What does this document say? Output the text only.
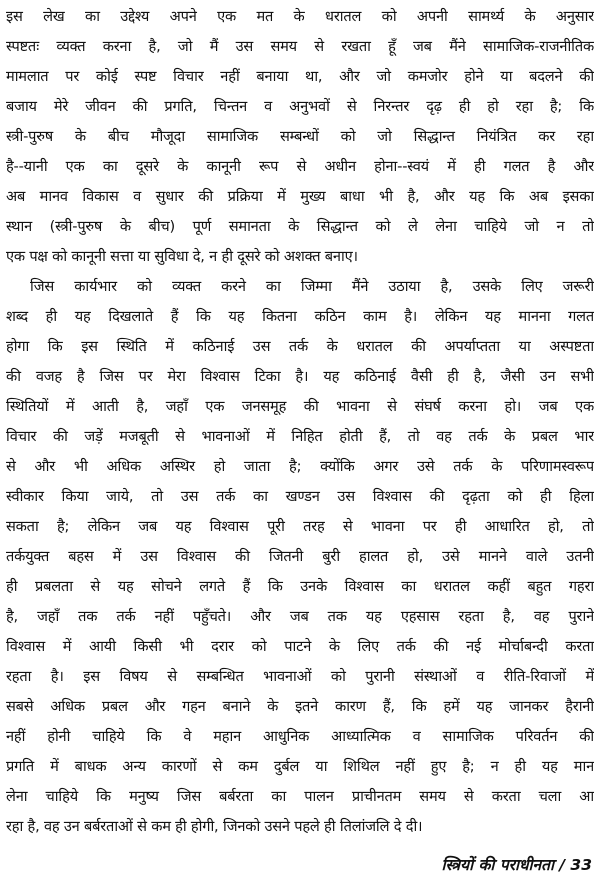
इस लेख का उद्देश्य अपने एक मत के धरातल को अपनी सामर्थ्य के अनुसार
स्पष्टतः व्यक्त करना है, जो मैं उस समय से रखता हूँ जब मैंने सामाजिक-राजनीतिक
मामलात पर कोई स्पष्ट विचार नहीं बनाया था, और जो कमजोर होने या बदलने की
बजाय मेरे जीवन की प्रगति, चिन्तन व अनुभवों से निरन्तर दृढ़ ही हो रहा है; कि
स्त्री-पुरुष के बीच मौजूदा सामाजिक सम्बन्धों को जो सिद्धान्त नियंत्रित कर रहा
है--यानी एक का दूसरे के कानूनी रूप से अधीन होना--स्वयं में ही गलत है और
अब मानव विकास व सुधार की प्रक्रिया में मुख्य बाधा भी है, और यह कि अब इसका
स्थान (स्त्री-पुरुष के बीच) पूर्ण समानता के सिद्धान्त को ले लेना चाहिये जो न तो
एक पक्ष को कानूनी सत्ता या सुविधा दे, न ही दूसरे को अशक्त बनाए।
जिस कार्यभार को व्यक्त करने का जिम्मा मैंने उठाया है, उसके लिए जरूरी
शब्द ही यह दिखलाते हैं कि यह कितना कठिन काम है। लेकिन यह मानना गलत
होगा कि इस स्थिति में कठिनाई उस तर्क के धरातल की अपर्याप्तता या अस्पष्टता
की वजह है जिस पर मेरा विश्वास टिका है। यह कठिनाई वैसी ही है, जैसी उन सभी
स्थितियों में आती है, जहाँ एक जनसमूह की भावना से संघर्ष करना हो। जब एक
विचार की जड़ें मजबूती से भावनाओं में निहित होती हैं, तो वह तर्क के प्रबल भार
से और भी अधिक अस्थिर हो जाता है; क्योंकि अगर उसे तर्क के परिणामस्वरूप
स्वीकार किया जाये, तो उस तर्क का खण्डन उस विश्वास की दृढ़ता को ही हिला
सकता है; लेकिन जब यह विश्वास पूरी तरह से भावना पर ही आधारित हो, तो
तर्कयुक्त बहस में उस विश्वास की जितनी बुरी हालत हो, उसे मानने वाले उतनी
ही प्रबलता से यह सोचने लगते हैं कि उनके विश्वास का धरातल कहीं बहुत गहरा
है, जहाँ तक तर्क नहीं पहुँचते। और जब तक यह एहसास रहता है, वह पुराने
विश्वास में आयी किसी भी दरार को पाटने के लिए तर्क की नई मोर्चाबन्दी करता
रहता है। इस विषय से सम्बन्धित भावनाओं को पुरानी संस्थाओं व रीति-रिवाजों में
सबसे अधिक प्रबल और गहन बनाने के इतने कारण हैं, कि हमें यह जानकर हैरानी
नहीं होनी चाहिये कि वे महान आधुनिक आध्यात्मिक व सामाजिक परिवर्तन की
प्रगति में बाधक अन्य कारणों से कम दुर्बल या शिथिल नहीं हुए है; न ही यह मान
लेना चाहिये कि मनुष्य जिस बर्बरता का पालन प्राचीनतम समय से करता चला आ
रहा है, वह उन बर्बरताओं से कम ही होगी, जिनको उसने पहले ही तिलांजलि दे दी।
स्त्रियों की पराधीनता / 33
